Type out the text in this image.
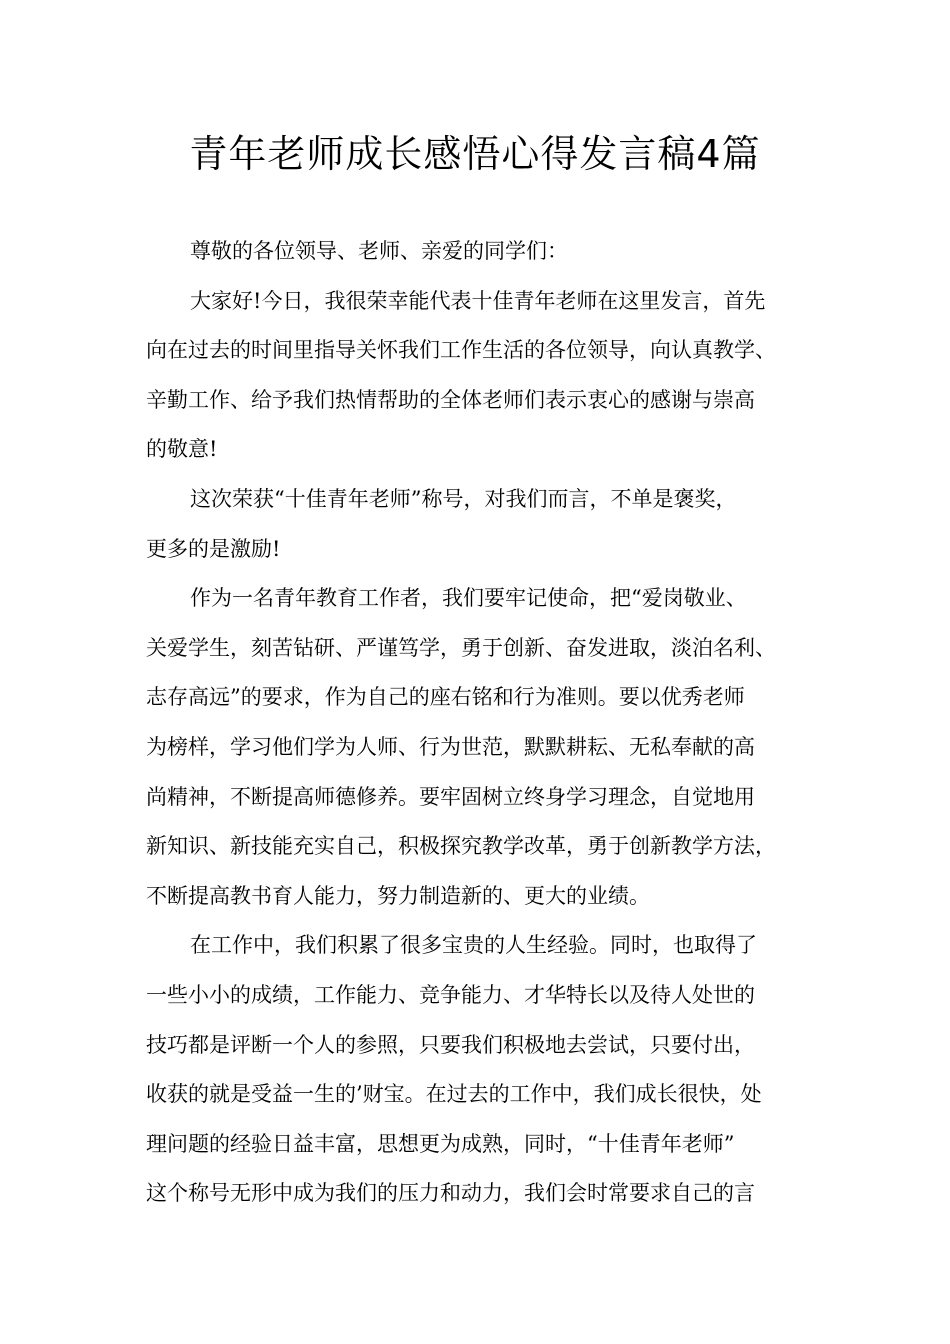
青年老师成长感悟心得发言稿4篇
尊敬的各位领导、老师、亲爱的同学们：
大家好!今日，我很荣幸能代表十佳青年老师在这里发言，首先
向在过去的时间里指导关怀我们工作生活的各位领导，向认真教学、
辛勤工作、给予我们热情帮助的全体老师们表示衷心的感谢与崇高
的敬意!
这次荣获“十佳青年老师”称号，对我们而言，不单是褒奖，
更多的是激励!
作为一名青年教育工作者，我们要牢记使命，把“爱岗敬业、
关爱学生，刻苦钻研、严谨笃学，勇于创新、奋发进取，淡泊名利、
志存高远”的要求，作为自己的座右铭和行为准则。要以优秀老师
为榜样，学习他们学为人师、行为世范，默默耕耘、无私奉献的高
尚精神，不断提高师德修养。要牢固树立终身学习理念，自觉地用
新知识、新技能充实自己，积极探究教学改革，勇于创新教学方法，
不断提高教书育人能力，努力制造新的、更大的业绩。
在工作中，我们积累了很多宝贵的人生经验。同时，也取得了
一些小小的成绩，工作能力、竞争能力、才华特长以及待人处世的
技巧都是评断一个人的参照，只要我们积极地去尝试，只要付出，
收获的就是受益一生的’财宝。在过去的工作中，我们成长很快，处
理问题的经验日益丰富，思想更为成熟，同时，“十佳青年老师”
这个称号无形中成为我们的压力和动力，我们会时常要求自己的言
